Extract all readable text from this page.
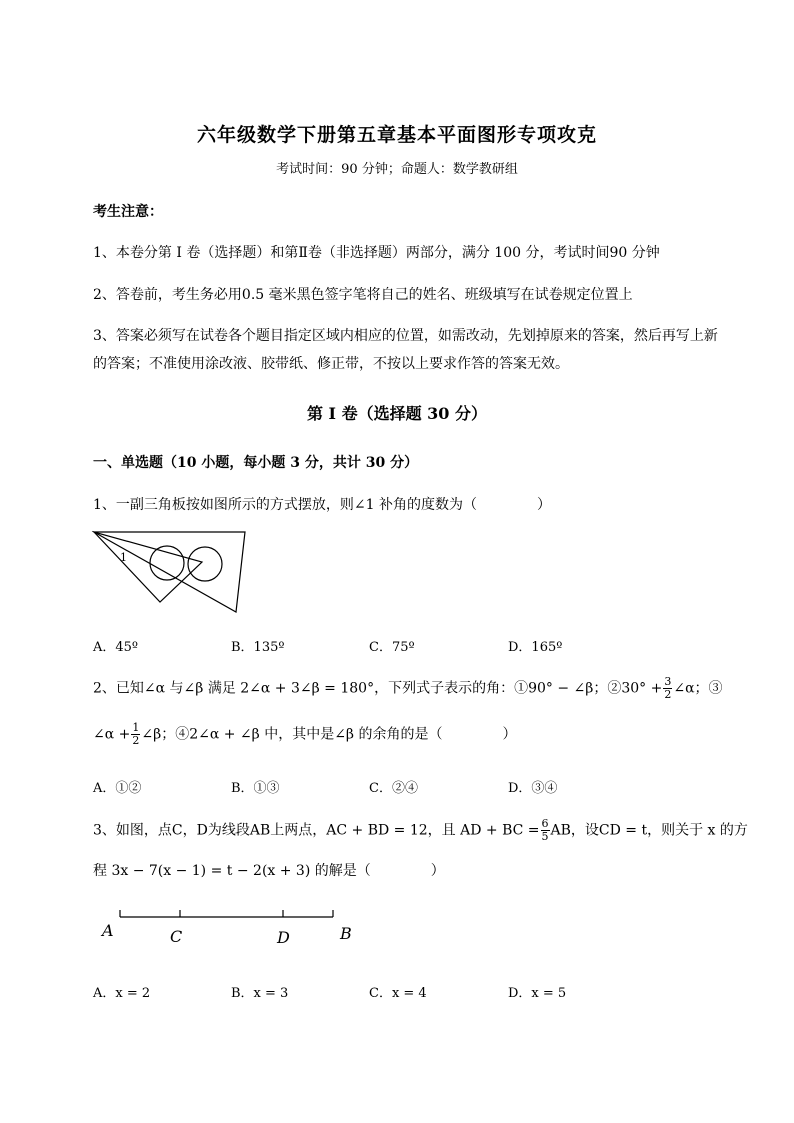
六年级数学下册第五章基本平面图形专项攻克
考试时间：90 分钟；命题人：数学教研组
考生注意：
1、本卷分第 I 卷（选择题）和第Ⅱ卷（非选择题）两部分，满分 100 分，考试时间90 分钟
2、答卷前，考生务必用0.5 毫米黑色签字笔将自己的姓名、班级填写在试卷规定位置上
3、答案必须写在试卷各个题目指定区域内相应的位置，如需改动，先划掉原来的答案，然后再写上新
的答案；不准使用涂改液、胶带纸、修正带，不按以上要求作答的答案无效。
第 I 卷（选择题 30 分）
一、单选题（10 小题，每小题 3 分，共计 30 分）
1、一副三角板按如图所示的方式摆放，则∠1 补角的度数为（	）
1
A．45º	B．135º	C．75º	D．165º
2、已知∠α 与∠β 满足 2∠α + 3∠β = 180°，下列式子表示的角：①90° − ∠β；②30° + $\frac{3}{2}$ ∠α；③
∠α + $\frac{1}{2}$ ∠β；④2∠α + ∠β 中，其中是∠β 的余角的是（	）
A．①②	B．①③	C．②④	D．③④
3、如图，点C，D为线段AB上两点，AC + BD = 12，且 AD + BC = $\frac{6}{5}$ AB，设CD = t，则关于 x 的方
程 3x − 7(x − 1) = t − 2(x + 3) 的解是（	）
A	C	D	B
A．x = 2	B．x = 3	C．x = 4	D．x = 5
